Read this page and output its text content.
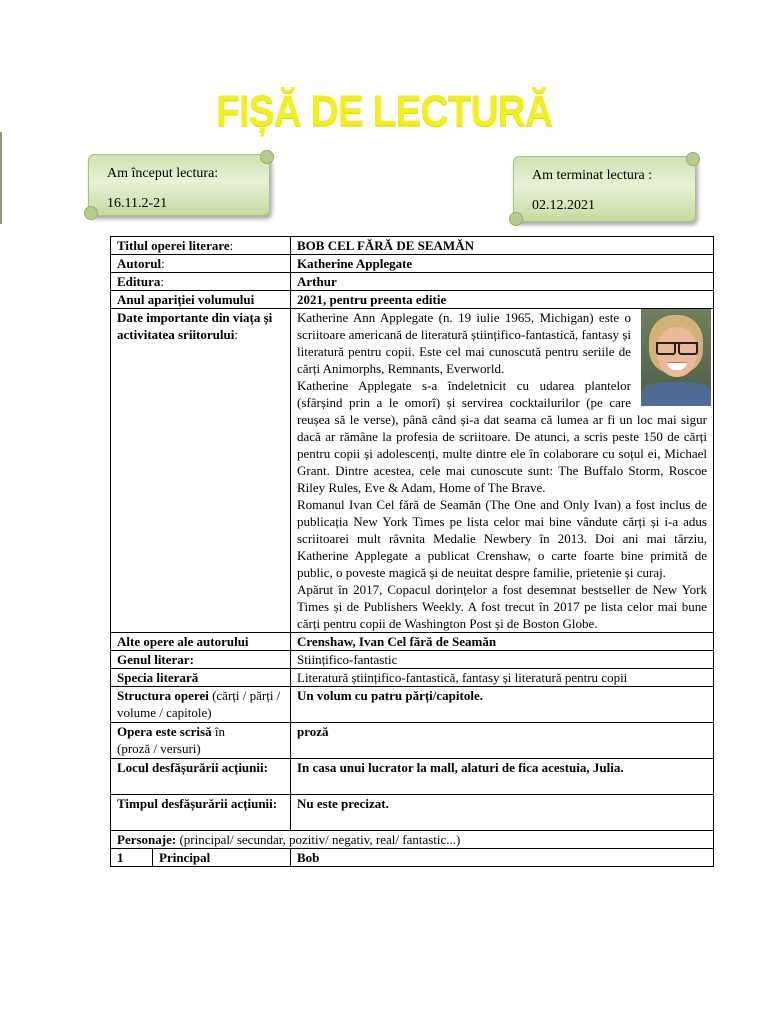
FIȘĂ DE LECTURĂ
Am început lectura:
16.11.2-21
Am terminat lectura :
02.12.2021
Titlul operei literare:		BOB CEL FĂRĂ DE SEAMĂN
Autorul:		Katherine Applegate
Editura:		Arthur
Anul apariției volumului		2021, pentru preenta editie
Date importante din viața și activitatea sriitorului:		Katherine Ann Applegate (n. 19 iulie 1965, Michigan) este o scriitoare americană de literatură științifico-fantastică, fantasy și literatură pentru copii. Este cel mai cunoscută pentru seriile de cărți Animorphs, Remnants, Everworld.

Katherine Applegate s-a îndeletnicit cu udarea plantelor (sfârșind prin a le omorî) și servirea cocktailurilor (pe care reușea să le verse), până când și-a dat seama că lumea ar fi un loc mai sigur dacă ar rămâne la profesia de scriitoare. De atunci, a scris peste 150 de cărți pentru copii și adolescenți, multe dintre ele în colaborare cu soțul ei, Michael Grant. Dintre acestea, cele mai cunoscute sunt: The Buffalo Storm, Roscoe Riley Rules, Eve & Adam, Home of The Brave.

Romanul Ivan Cel fără de Seamăn (The One and Only Ivan) a fost inclus de publicația New York Times pe lista celor mai bine vândute cărți și i-a adus scriitoarei mult râvnita Medalie Newbery în 2013. Doi ani mai târziu, Katherine Applegate a publicat Crenshaw, o carte foarte bine primită de public, o poveste magică și de neuitat despre familie, prietenie și curaj.

Apărut în 2017, Copacul dorințelor a fost desemnat bestseller de New York Times și de Publishers Weekly. A fost trecut în 2017 pe lista celor mai bune cărți pentru copii de Washington Post și de Boston Globe.

Alte opere ale autorului		Crenshaw, Ivan Cel fără de Seamăn
Genul literar:		Stiințifico-fantastic
Specia literară		Literatură științifico-fantastică, fantasy și literatură pentru copii
Structura operei (cărți / părți / volume / capitole)		Un volum cu patru părți/capitole.
Opera este scrisă în
(proză / versuri)		proză
Locul desfășurării acțiunii:		In casa unui lucrator la mall, alaturi de fica acestuia, Julia.
Timpul desfășurării acțiunii:		Nu este precizat.
Personaje: (principal/ secundar, pozitiv/ negativ, real/ fantastic...)		
1	Principal	Bob
